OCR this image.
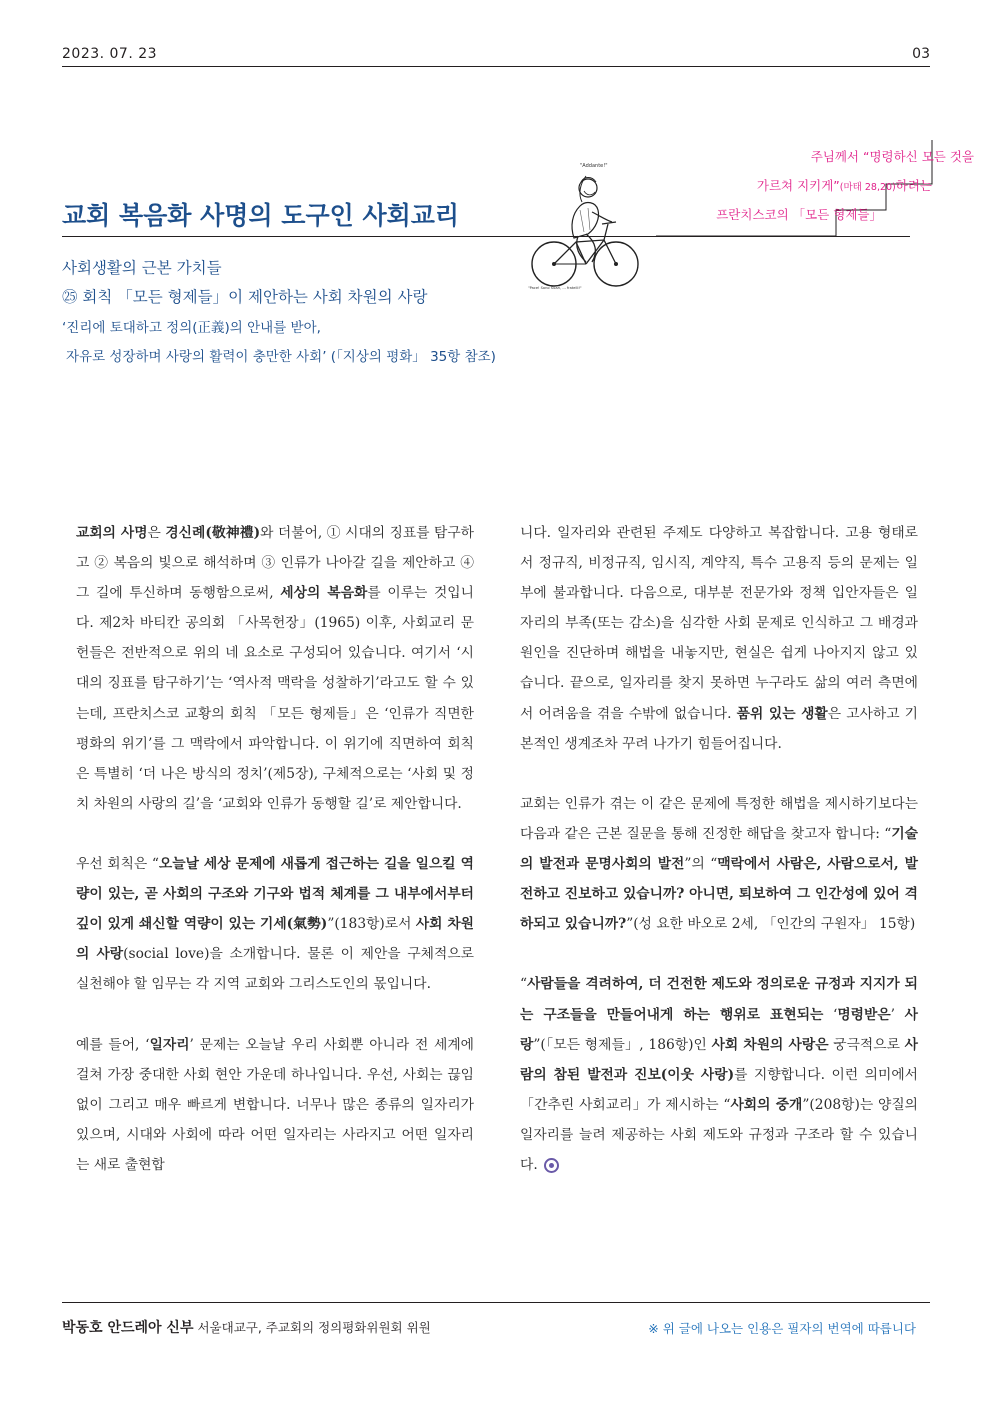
2023. 07. 23	03
주님께서 “명령하신 모든 것을
가르쳐 지키게”(마태 28,20)하려는
프란치스코의 「모든 형제들」
"Addante!"
"Pace! Sono Suzzi, ... fratelli!"
교회 복음화 사명의 도구인 사회교리
사회생활의 근본 가치들
㉕ 회칙 「모든 형제들」이 제안하는 사회 차원의 사랑
‘진리에 토대하고 정의(正義)의 안내를 받아,
자유로 성장하며 사랑의 활력이 충만한 사회’ (「지상의 평화」 35항 참조)

교회의 사명은 경신례(敬神禮)와 더불어, ① 시대의 징표를 탐구하고 ② 복음의 빛으로 해석하며 ③ 인류가 나아갈 길을 제안하고 ④ 그 길에 투신하며 동행함으로써, 세상의 복음화를 이루는 것입니다. 제2차 바티칸 공의회 「사목헌장」(1965) 이후, 사회교리 문헌들은 전반적으로 위의 네 요소로 구성되어 있습니다. 여기서 ‘시대의 징표를 탐구하기’는 ‘역사적 맥락을 성찰하기’라고도 할 수 있는데, 프란치스코 교황의 회칙 「모든 형제들」은 ‘인류가 직면한 평화의 위기’를 그 맥락에서 파악합니다. 이 위기에 직면하여 회칙은 특별히 ‘더 나은 방식의 정치’(제5장), 구체적으로는 ‘사회 및 정치 차원의 사랑의 길’을 ‘교회와 인류가 동행할 길’로 제안합니다.

우선 회칙은 “오늘날 세상 문제에 새롭게 접근하는 길을 일으킬 역량이 있는, 곧 사회의 구조와 기구와 법적 체계를 그 내부에서부터 깊이 있게 쇄신할 역량이 있는 기세(氣勢)”(183항)로서 사회 차원의 사랑(social love)을 소개합니다. 물론 이 제안을 구체적으로 실천해야 할 임무는 각 지역 교회와 그리스도인의 몫입니다.

예를 들어, ‘일자리’ 문제는 오늘날 우리 사회뿐 아니라 전 세계에 걸쳐 가장 중대한 사회 현안 가운데 하나입니다. 우선, 사회는 끊임없이 그리고 매우 빠르게 변합니다. 너무나 많은 종류의 일자리가 있으며, 시대와 사회에 따라 어떤 일자리는 사라지고 어떤 일자리는 새로 출현합

니다. 일자리와 관련된 주제도 다양하고 복잡합니다. 고용 형태로서 정규직, 비정규직, 임시직, 계약직, 특수 고용직 등의 문제는 일부에 불과합니다. 다음으로, 대부분 전문가와 정책 입안자들은 일자리의 부족(또는 감소)을 심각한 사회 문제로 인식하고 그 배경과 원인을 진단하며 해법을 내놓지만, 현실은 쉽게 나아지지 않고 있습니다. 끝으로, 일자리를 찾지 못하면 누구라도 삶의 여러 측면에서 어려움을 겪을 수밖에 없습니다. 품위 있는 생활은 고사하고 기본적인 생계조차 꾸려 나가기 힘들어집니다.

교회는 인류가 겪는 이 같은 문제에 특정한 해법을 제시하기보다는 다음과 같은 근본 질문을 통해 진정한 해답을 찾고자 합니다: “기술의 발전과 문명사회의 발전”의 “맥락에서 사람은, 사람으로서, 발전하고 진보하고 있습니까? 아니면, 퇴보하여 그 인간성에 있어 격하되고 있습니까?”(성 요한 바오로 2세, 「인간의 구원자」 15항)

“사람들을 격려하여, 더 건전한 제도와 정의로운 규정과 지지가 되는 구조들을 만들어내게 하는 행위로 표현되는 ‘명령받은’ 사랑”(「모든 형제들」, 186항)인 사회 차원의 사랑은 궁극적으로 사람의 참된 발전과 진보(이웃 사랑)를 지향합니다. 이런 의미에서 「간추린 사회교리」가 제시하는 “사회의 중개”(208항)는 양질의 일자리를 늘려 제공하는 사회 제도와 규정과 구조라 할 수 있습니다.

박동호 안드레아 신부 서울대교구, 주교회의 정의평화위원회 위원	※ 위 글에 나오는 인용은 필자의 번역에 따릅니다
